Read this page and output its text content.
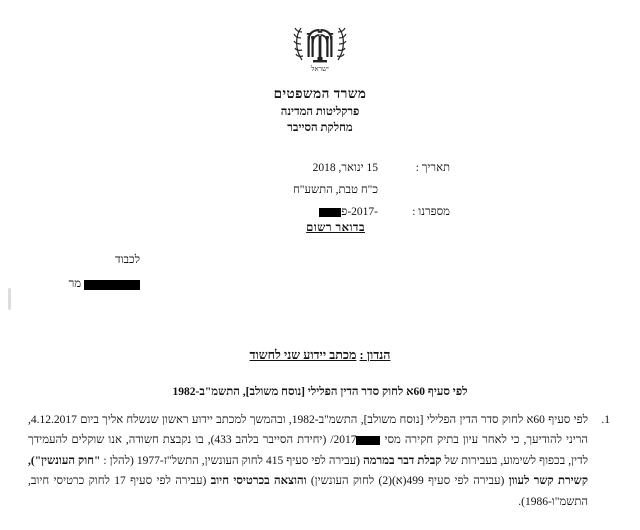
ישראל
משרד המשפטים
פרקליטות המדינה
מחלקת הסייבר
תאריך :
מספרנו :
15 ינואר, 2018
כ"ח טבת, התשע"ח
-2017-פ
בדואר רשום
לכבוד
מר
הנדון : מכתב יידוע שני לחשוד
לפי סעיף 60א לחוק סדר הדין הפלילי [נוסח משולב], התשמ"ב-1982
1.
לפי סעיף 60א לחוק סדר הדין הפלילי [נוסח משולב], התשמ"ב-1982, ובהמשך למכתב יידוע ראשון שנשלח אליך ביום 4.12.2017, הריני להודיעך, כי לאחר עיון בתיק חקירה מסי 2017/ (יחידת הסייבר בלהב 433), בו נקבצת חשודה, אנו שוקלים להעמידך לדין, בכפוף לשימוע, בעבירות של קבלת דבר במרמה (עבירה לפי סעיף 415 לחוק העונשין, התשל"ז-1977 (להלן : "חוק העונשין"), קשירת קשר לעוון (עבירה לפי סעיף 499(א)(2) לחוק העונשין) והוצאה בכרטיסי חיוב (עבירה לפי סעיף 17 לחוק כרטיסי חיוב, התשמ"ו-1986).
